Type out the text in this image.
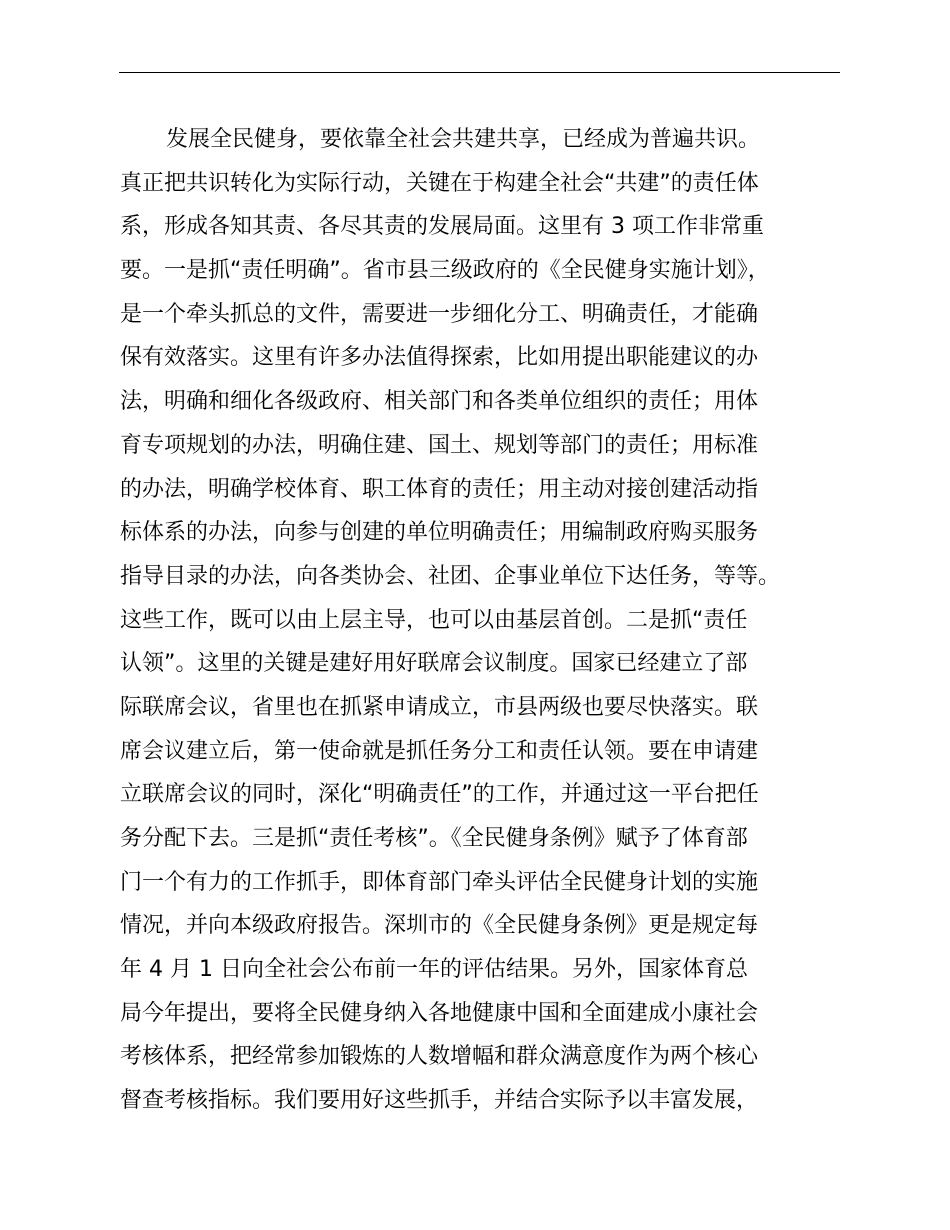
发展全民健身，要依靠全社会共建共享，已经成为普遍共识。
真正把共识转化为实际行动，关键在于构建全社会“共建”的责任体
系，形成各知其责、各尽其责的发展局面。这里有 3 项工作非常重
要。一是抓“责任明确”。省市县三级政府的《全民健身实施计划》，
是一个牵头抓总的文件，需要进一步细化分工、明确责任，才能确
保有效落实。这里有许多办法值得探索，比如用提出职能建议的办
法，明确和细化各级政府、相关部门和各类单位组织的责任；用体
育专项规划的办法，明确住建、国土、规划等部门的责任；用标准
的办法，明确学校体育、职工体育的责任；用主动对接创建活动指
标体系的办法，向参与创建的单位明确责任；用编制政府购买服务
指导目录的办法，向各类协会、社团、企事业单位下达任务，等等。
这些工作，既可以由上层主导，也可以由基层首创。二是抓“责任
认领”。这里的关键是建好用好联席会议制度。国家已经建立了部
际联席会议，省里也在抓紧申请成立，市县两级也要尽快落实。联
席会议建立后，第一使命就是抓任务分工和责任认领。要在申请建
立联席会议的同时，深化“明确责任”的工作，并通过这一平台把任
务分配下去。三是抓“责任考核”。《全民健身条例》赋予了体育部
门一个有力的工作抓手，即体育部门牵头评估全民健身计划的实施
情况，并向本级政府报告。深圳市的《全民健身条例》更是规定每
年 4 月 1 日向全社会公布前一年的评估结果。另外，国家体育总
局今年提出，要将全民健身纳入各地健康中国和全面建成小康社会
考核体系，把经常参加锻炼的人数增幅和群众满意度作为两个核心
督查考核指标。我们要用好这些抓手，并结合实际予以丰富发展，
